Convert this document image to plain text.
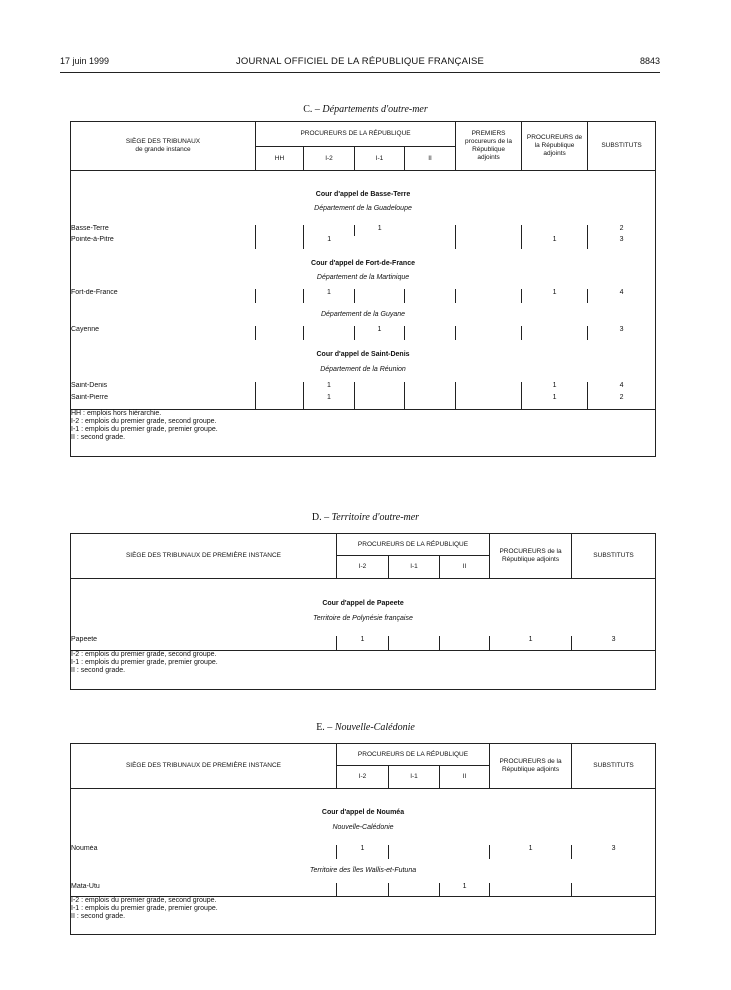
17 juin 1999	JOURNAL OFFICIEL DE LA RÉPUBLIQUE FRANÇAISE	8843
C. – Départements d'outre-mer
SIÈGE DES TRIBUNAUX
de grande instance	PROCUREURS DE LA RÉPUBLIQUE				PREMIERS procureurs de la République adjoints	PROCUREURS de la République adjoints	SUBSTITUTS
	HH	I-2	I-1	II			

Cour d'appel de Basse-Terre							
Département de la Guadeloupe							
Basse-Terre			1				2
Pointe-à-Pitre		1				1	3
Cour d'appel de Fort-de-France							
Département de la Martinique							
Fort-de-France		1				1	4
Département de la Guyane							
Cayenne			1				3
Cour d'appel de Saint-Denis							
Département de la Réunion							
Saint-Denis		1				1	4
Saint-Pierre		1				1	2

HH : emplois hors hiérarchie.
I-2 : emplois du premier grade, second groupe.
I-1 : emplois du premier grade, premier groupe.
II : second grade.							
D. – Territoire d'outre-mer
SIÈGE DES TRIBUNAUX DE PREMIÈRE INSTANCE	PROCUREURS DE LA RÉPUBLIQUE			PROCUREURS de la République adjoints	SUBSTITUTS
	I-2	I-1	II		

Cour d'appel de Papeete					
Territoire de Polynésie française					
Papeete	1			1	3

I-2 : emplois du premier grade, second groupe.
I-1 : emplois du premier grade, premier groupe.
II : second grade.					
E. – Nouvelle-Calédonie
SIÈGE DES TRIBUNAUX DE PREMIÈRE INSTANCE	PROCUREURS DE LA RÉPUBLIQUE			PROCUREURS de la République adjoints	SUBSTITUTS
	I-2	I-1	II		

Cour d'appel de Nouméa					
Nouvelle-Calédonie					
Nouméa	1			1	3
Territoire des îles Wallis-et-Futuna					
Mata-Utu			1		

I-2 : emplois du premier grade, second groupe.
I-1 : emplois du premier grade, premier groupe.
II : second grade.					
